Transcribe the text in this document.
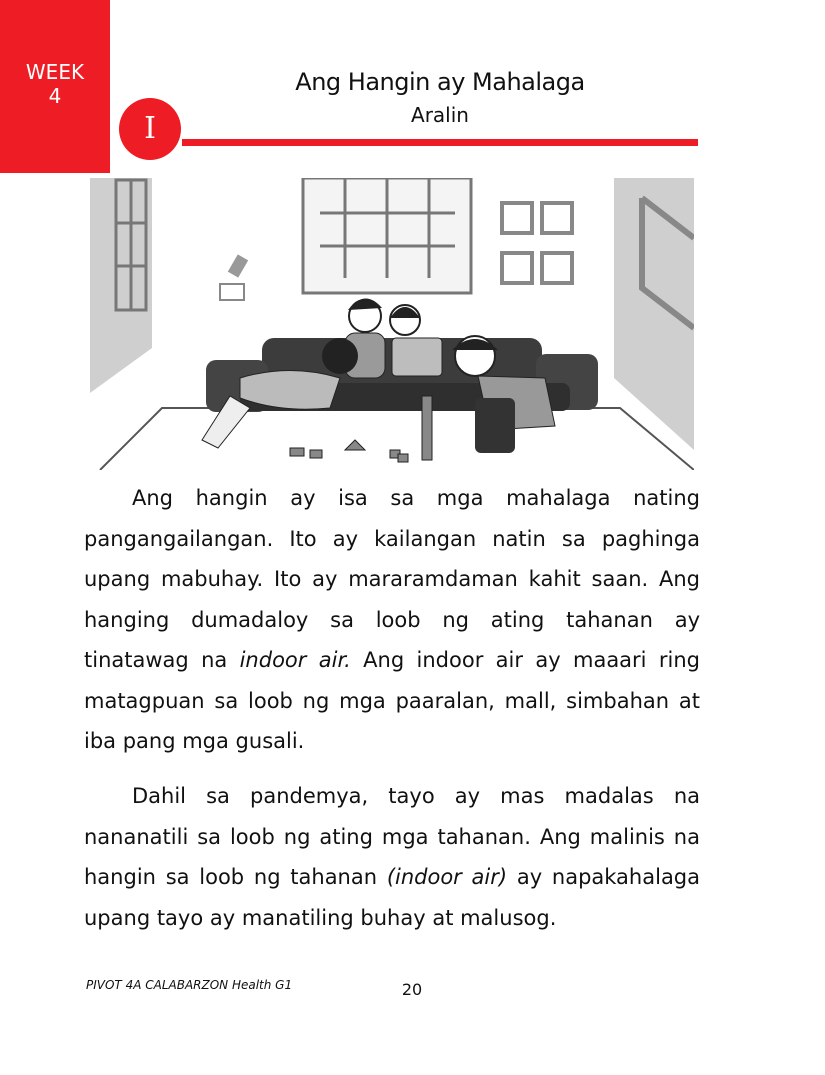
WEEK
4	Ang Hangin ay Mahalaga
Aralin
I

Ang hangin ay isa sa mga mahalaga nating pangangailangan. Ito ay kailangan natin sa paghinga upang mabuhay. Ito ay mararamdaman kahit saan. Ang hanging dumadaloy sa loob ng ating tahanan ay tinatawag na indoor air. Ang indoor air ay maaari ring matagpuan sa loob ng mga paaralan, mall, simbahan at iba pang mga gusali.

Dahil sa pandemya, tayo ay mas madalas na nananatili sa loob ng ating mga tahanan. Ang malinis na hangin sa loob ng tahanan (indoor air) ay napakahalaga upang tayo ay manatiling buhay at malusog.

PIVOT 4A CALABARZON Health G1	20
